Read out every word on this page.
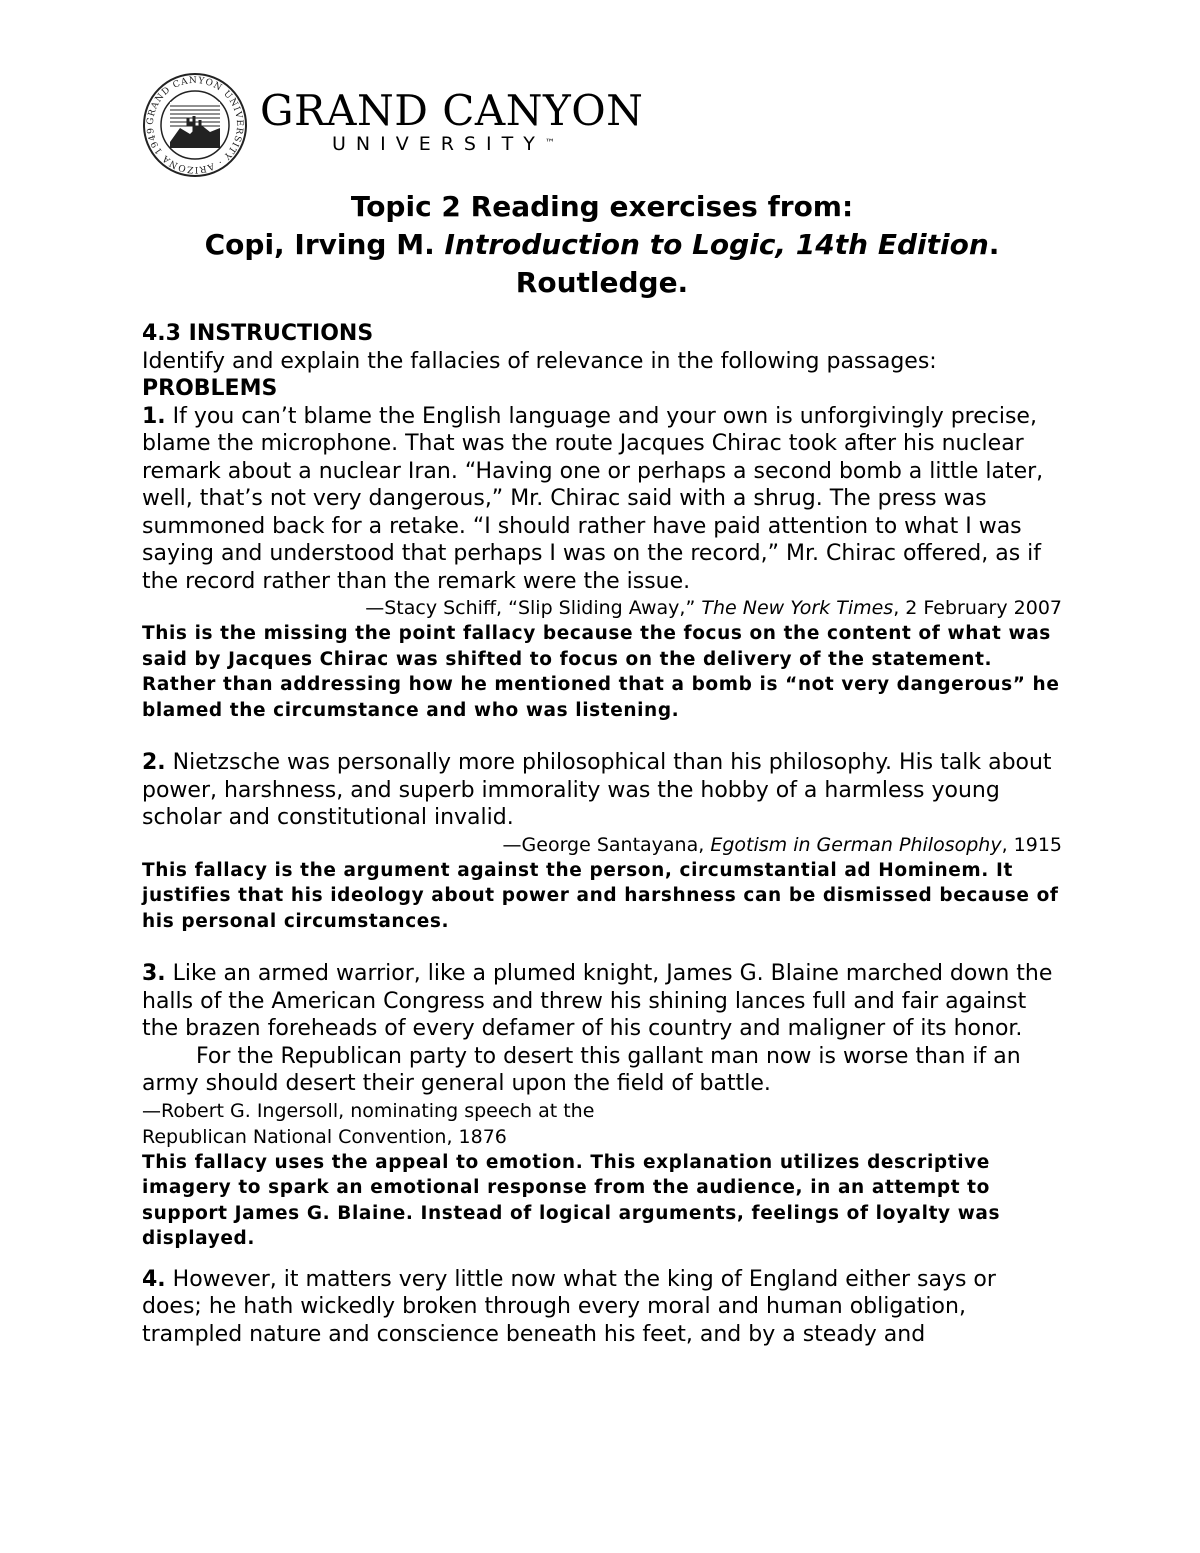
GRAND CANYON UNIVERSITY · ARIZONA 1949	GRAND CANYON
UNIVERSITY™
Topic 2 Reading exercises from:
Copi, Irving M. Introduction to Logic, 14th Edition.
Routledge.
4.3 INSTRUCTIONS
Identify and explain the fallacies of relevance in the following passages:
PROBLEMS
1. If you can’t blame the English language and your own is unforgivingly precise, blame the microphone. That was the route Jacques Chirac took after his nuclear remark about a nuclear Iran. “Having one or perhaps a second bomb a little later, well, that’s not very dangerous,” Mr. Chirac said with a shrug. The press was summoned back for a retake. “I should rather have paid attention to what I was saying and understood that perhaps I was on the record,” Mr. Chirac offered, as if the record rather than the remark were the issue.
—Stacy Schiff, “Slip Sliding Away,” The New York Times, 2 February 2007
This is the missing the point fallacy because the focus on the content of what was said by Jacques Chirac was shifted to focus on the delivery of the statement. Rather than addressing how he mentioned that a bomb is “not very dangerous” he blamed the circumstance and who was listening.
2. Nietzsche was personally more philosophical than his philosophy. His talk about power, harshness, and superb immorality was the hobby of a harmless young scholar and constitutional invalid.
—George Santayana, Egotism in German Philosophy, 1915
This fallacy is the argument against the person, circumstantial ad Hominem. It justifies that his ideology about power and harshness can be dismissed because of his personal circumstances.
3. Like an armed warrior, like a plumed knight, James G. Blaine marched down the halls of the American Congress and threw his shining lances full and fair against the brazen foreheads of every defamer of his country and maligner of its honor.
For the Republican party to desert this gallant man now is worse than if an army should desert their general upon the field of battle.
—Robert G. Ingersoll, nominating speech at the
Republican National Convention, 1876
This fallacy uses the appeal to emotion. This explanation utilizes descriptive imagery to spark an emotional response from the audience, in an attempt to support James G. Blaine. Instead of logical arguments, feelings of loyalty was displayed.
4. However, it matters very little now what the king of England either says or does; he hath wickedly broken through every moral and human obligation, trampled nature and conscience beneath his feet, and by a steady and
